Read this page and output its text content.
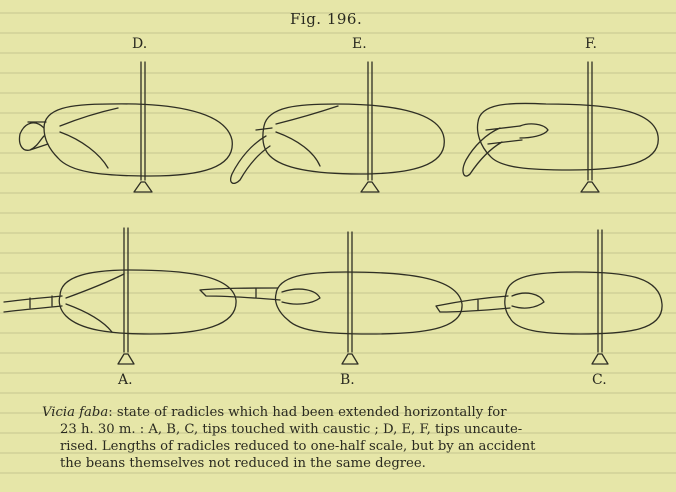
Fig. 196.
D.	E.	F.
A.	B.	C.
Vicia faba: state of radicles which had been extended horizontally for
23 h. 30 m. : A, B, C, tips touched with caustic ; D, E, F, tips uncaute-
rised. Lengths of radicles reduced to one-half scale, but by an accident
the beans themselves not reduced in the same degree.
